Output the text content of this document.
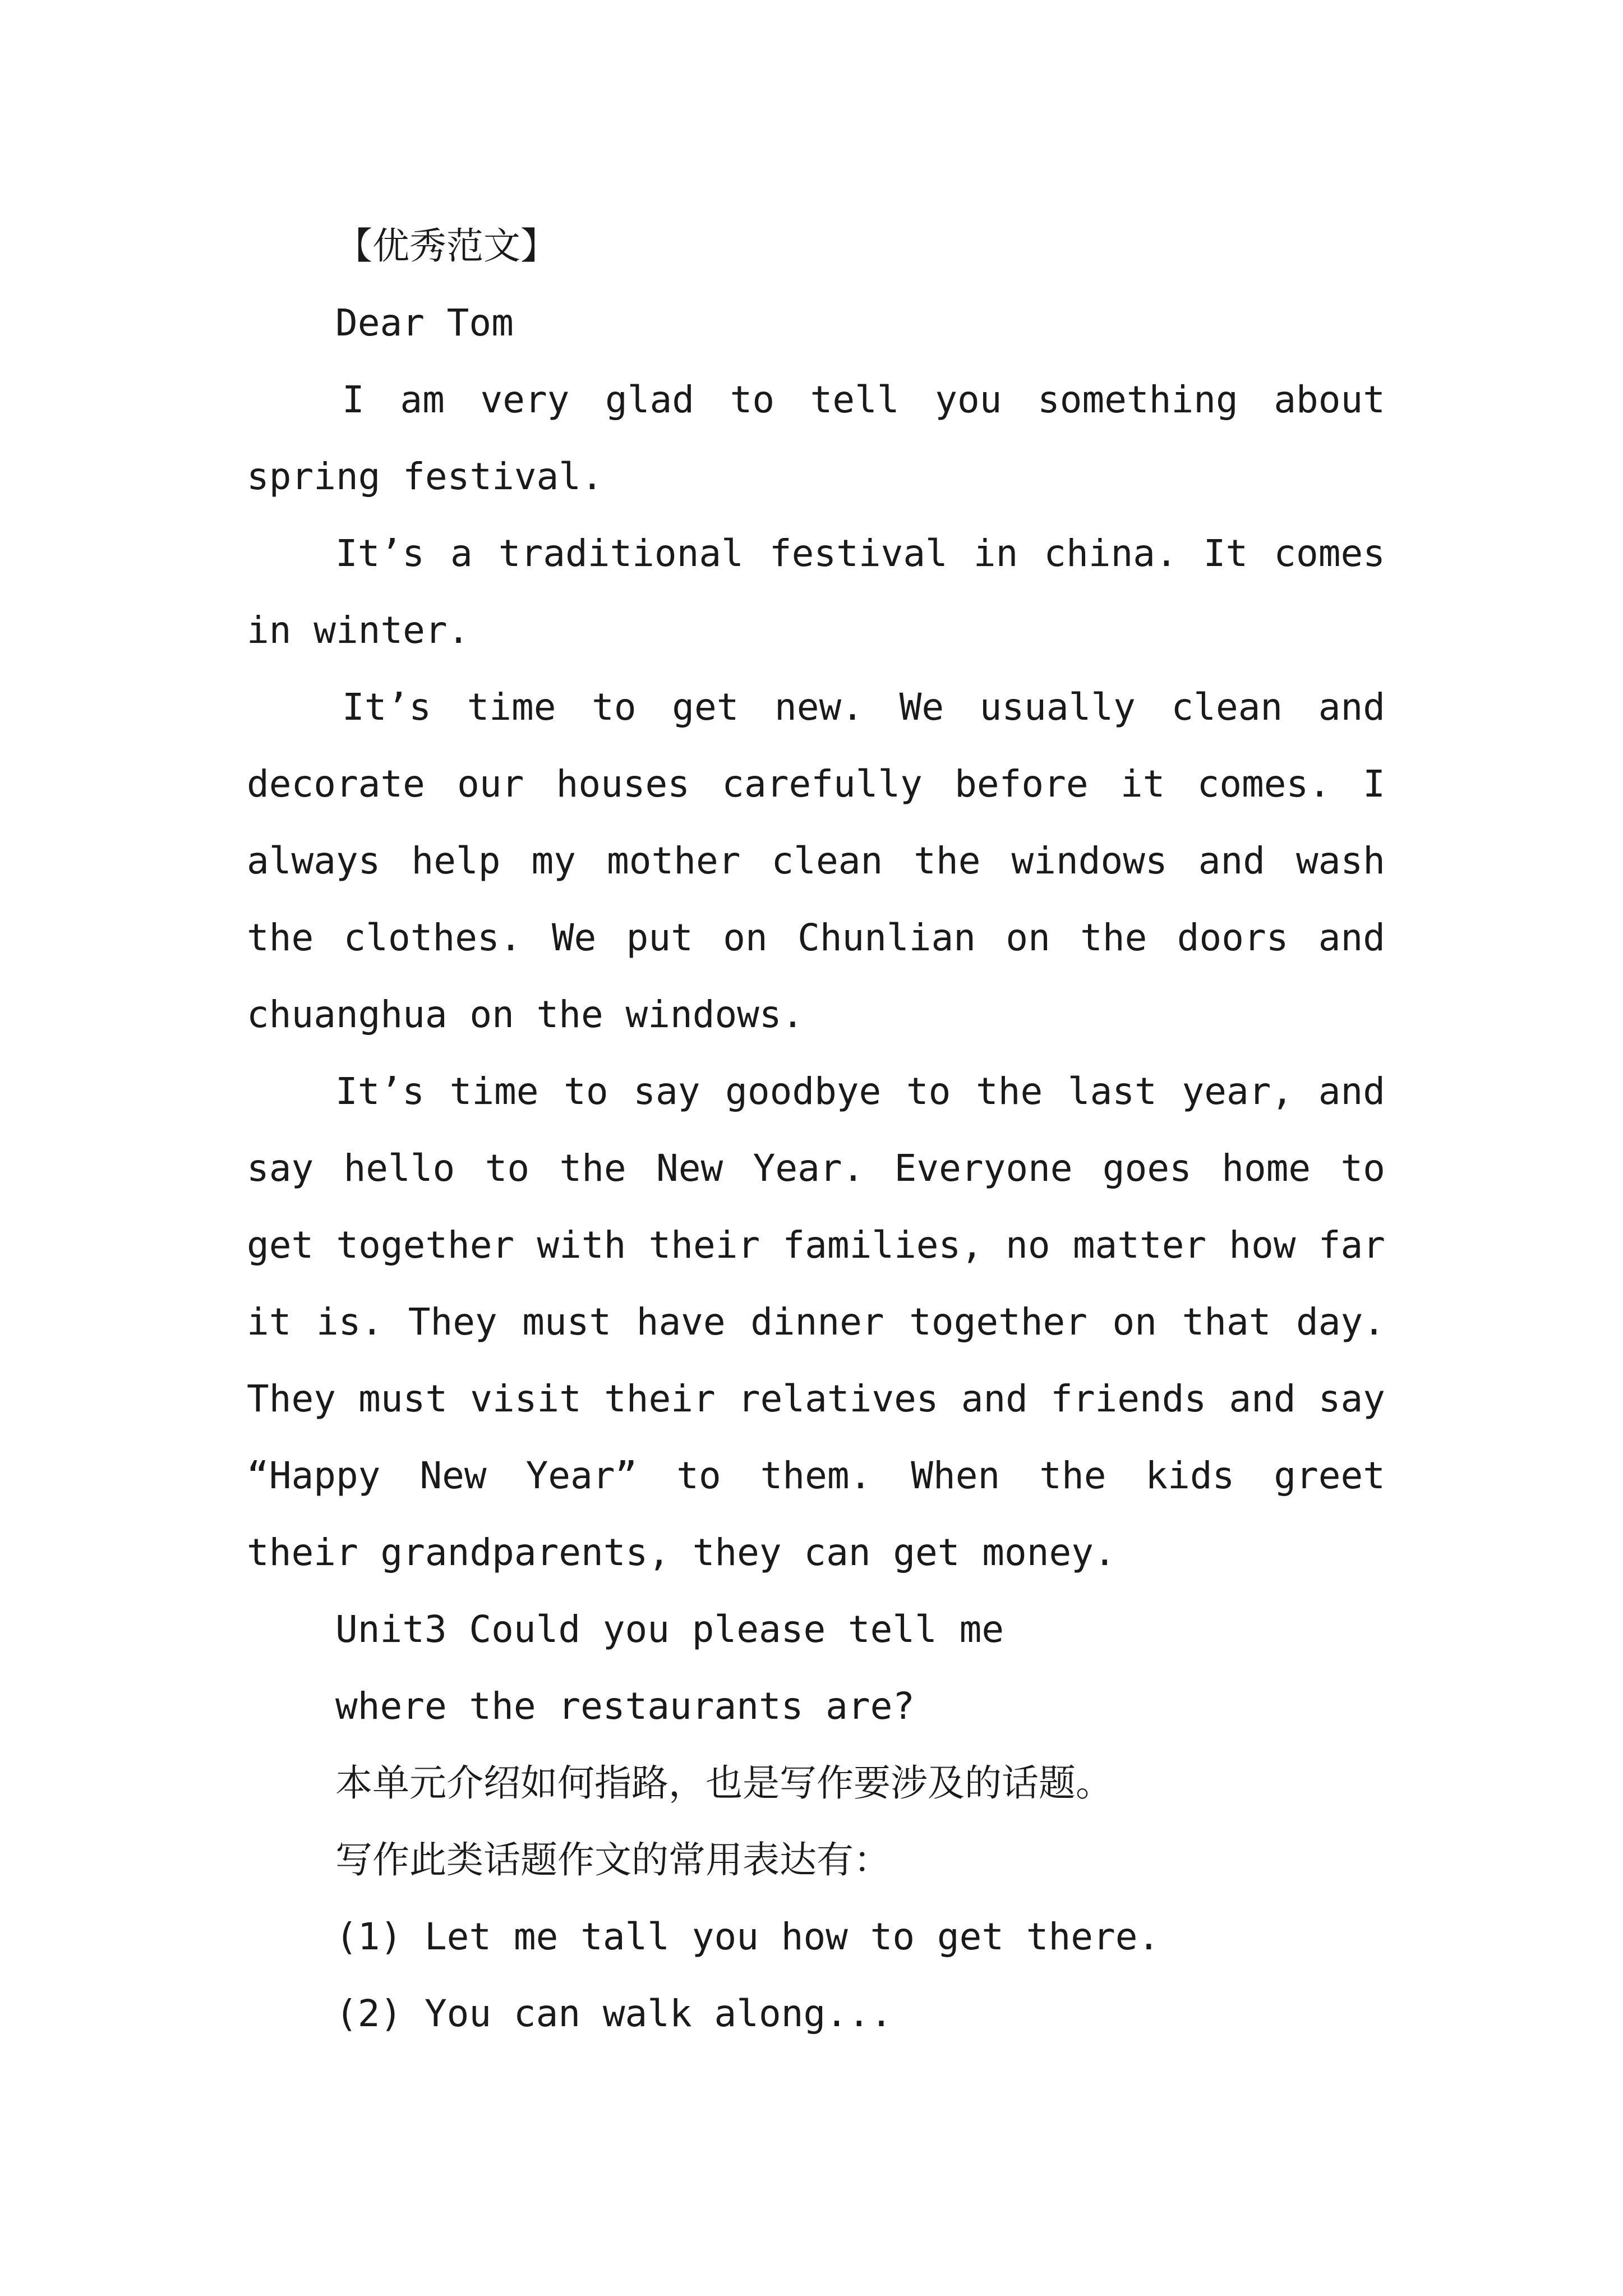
【优秀范文】
Dear Tom
I am very glad to tell you something about
spring festival.
It’s a traditional festival in china. It comes
in winter.
It’s time to get new. We usually clean and
decorate our houses carefully before it comes. I
always help my mother clean the windows and wash
the clothes. We put on Chunlian on the doors and
chuanghua on the windows.
It’s time to say goodbye to the last year, and
say hello to the New Year. Everyone goes home to
get together with their families, no matter how far
it is. They must have dinner together on that day.
They must visit their relatives and friends and say
“Happy New Year” to them. When the kids greet
their grandparents, they can get money.
Unit3 Could you please tell me
where the restaurants are?
本单元介绍如何指路，也是写作要涉及的话题。
写作此类话题作文的常用表达有：
(1) Let me tall you how to get there.
(2) You can walk along...
